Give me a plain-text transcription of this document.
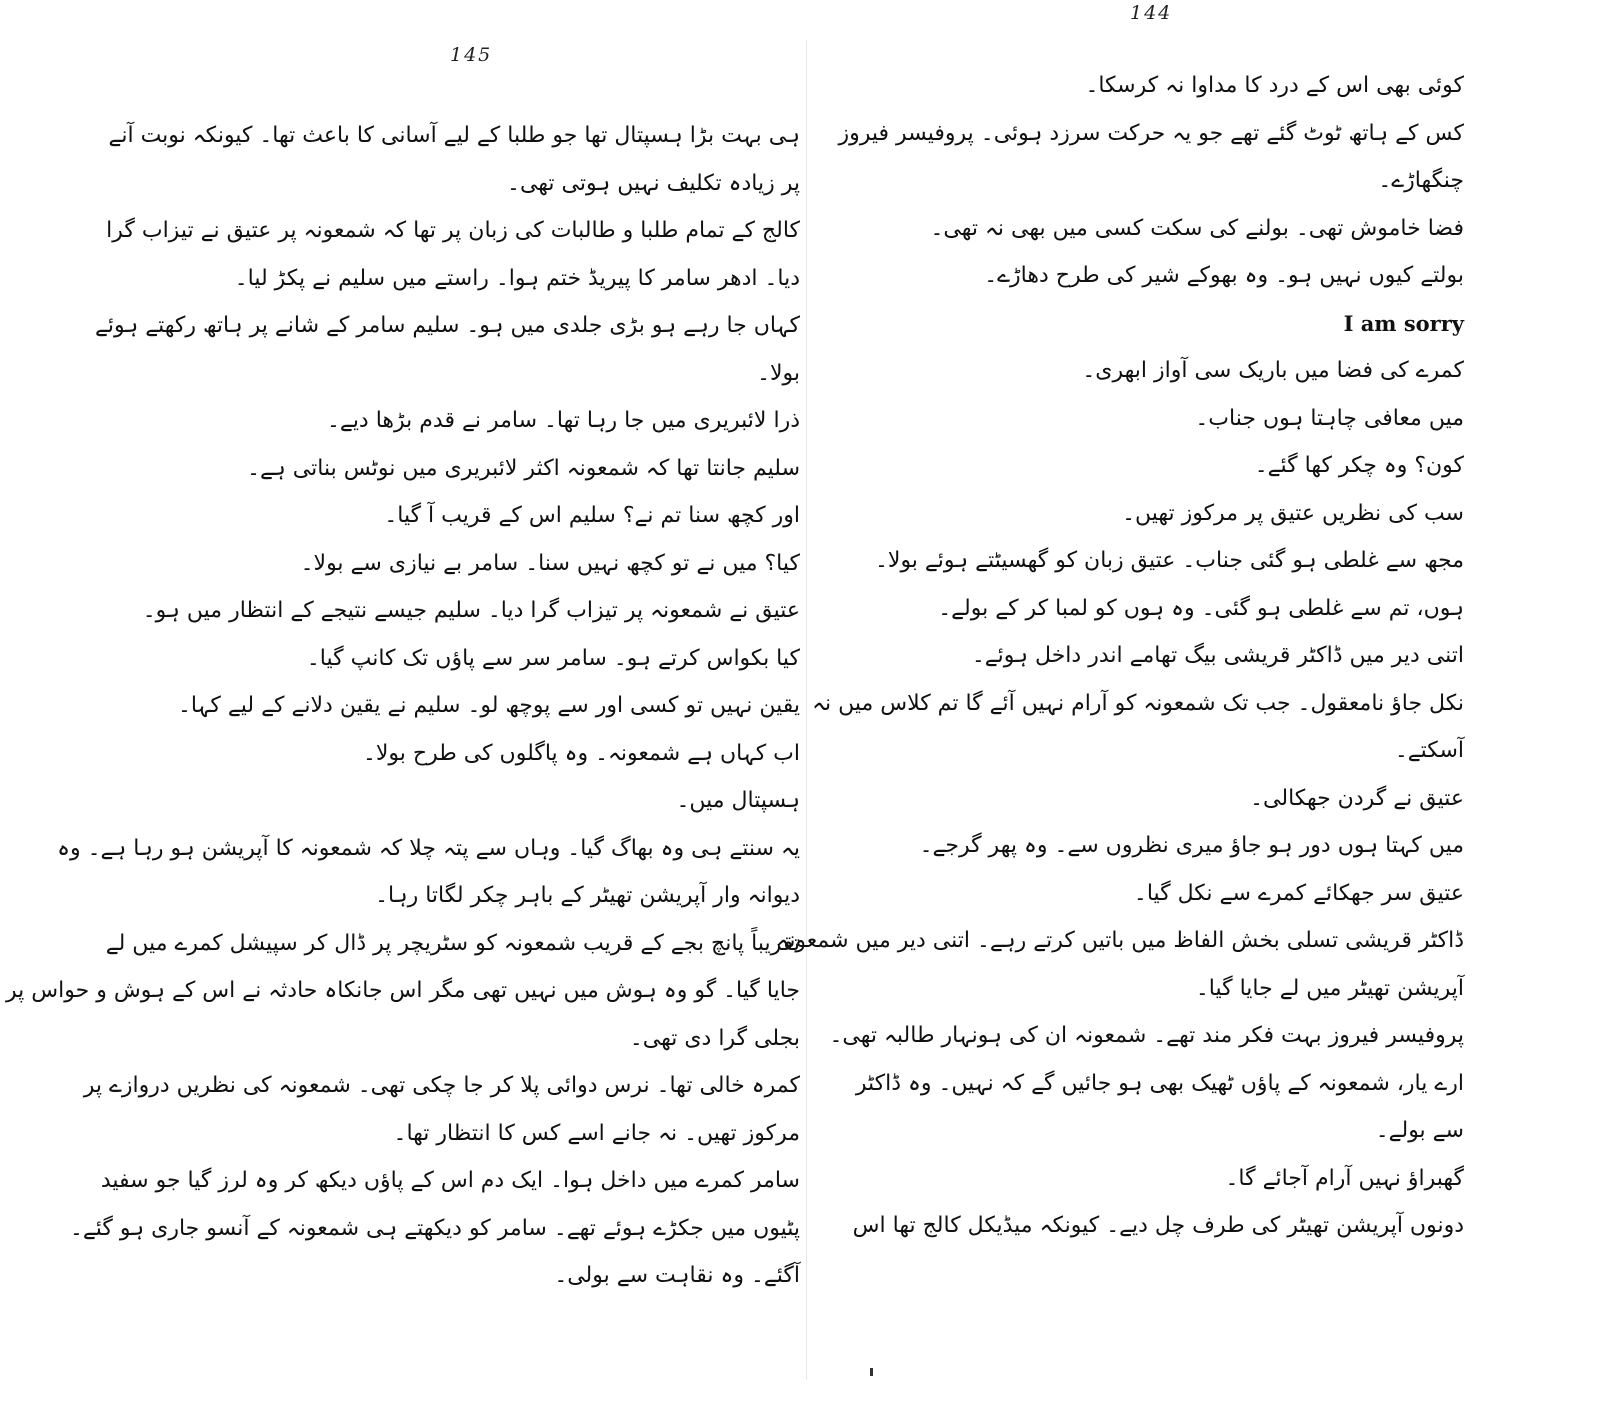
144

کوئی بھی اس کے درد کا مداوا نہ کرسکا۔

کس کے ہاتھ ٹوٹ گئے تھے جو یہ حرکت سرزد ہوئی۔ پروفیسر فیروز

چنگھاڑے۔

فضا خاموش تھی۔ بولنے کی سکت کسی میں بھی نہ تھی۔

بولتے کیوں نہیں ہو۔ وہ بھوکے شیر کی طرح دھاڑے۔

I am sorry

کمرے کی فضا میں باریک سی آواز ابھری۔

میں معافی چاہتا ہوں جناب۔

کون؟ وہ چکر کھا گئے۔

سب کی نظریں عتیق پر مرکوز تھیں۔

مجھ سے غلطی ہو گئی جناب۔ عتیق زبان کو گھسیٹتے ہوئے بولا۔

ہوں، تم سے غلطی ہو گئی۔ وہ ہوں کو لمبا کر کے بولے۔

اتنی دیر میں ڈاکٹر قریشی بیگ تھامے اندر داخل ہوئے۔

نکل جاؤ نامعقول۔ جب تک شمعونہ کو آرام نہیں آئے گا تم کلاس میں نہ

آسکتے۔

عتیق نے گردن جھکالی۔

میں کہتا ہوں دور ہو جاؤ میری نظروں سے۔ وہ پھر گرجے۔

عتیق سر جھکائے کمرے سے نکل گیا۔

ڈاکٹر قریشی تسلی بخش الفاظ میں باتیں کرتے رہے۔ اتنی دیر میں شمعونہ

آپریشن تھیٹر میں لے جایا گیا۔

پروفیسر فیروز بہت فکر مند تھے۔ شمعونہ ان کی ہونہار طالبہ تھی۔

ارے یار، شمعونہ کے پاؤں ٹھیک بھی ہو جائیں گے کہ نہیں۔ وہ ڈاکٹر

سے بولے۔

گھبراؤ نہیں آرام آجائے گا۔

دونوں آپریشن تھیٹر کی طرف چل دیے۔ کیونکہ میڈیکل کالج تھا اس

145

ہی بہت بڑا ہسپتال تھا جو طلبا کے لیے آسانی کا باعث تھا۔ کیونکہ نوبت آنے

پر زیادہ تکلیف نہیں ہوتی تھی۔

کالج کے تمام طلبا و طالبات کی زبان پر تھا کہ شمعونہ پر عتیق نے تیزاب گرا

دیا۔ ادھر سامر کا پیریڈ ختم ہوا۔ راستے میں سلیم نے پکڑ لیا۔

کہاں جا رہے ہو بڑی جلدی میں ہو۔ سلیم سامر کے شانے پر ہاتھ رکھتے ہوئے

بولا۔

ذرا لائبریری میں جا رہا تھا۔ سامر نے قدم بڑھا دیے۔

سلیم جانتا تھا کہ شمعونہ اکثر لائبریری میں نوٹس بناتی ہے۔

اور کچھ سنا تم نے؟ سلیم اس کے قریب آ گیا۔

کیا؟ میں نے تو کچھ نہیں سنا۔ سامر بے نیازی سے بولا۔

عتیق نے شمعونہ پر تیزاب گرا دیا۔ سلیم جیسے نتیجے کے انتظار میں ہو۔

کیا بکواس کرتے ہو۔ سامر سر سے پاؤں تک کانپ گیا۔

یقین نہیں تو کسی اور سے پوچھ لو۔ سلیم نے یقین دلانے کے لیے کہا۔

اب کہاں ہے شمعونہ۔ وہ پاگلوں کی طرح بولا۔

ہسپتال میں۔

یہ سنتے ہی وہ بھاگ گیا۔ وہاں سے پتہ چلا کہ شمعونہ کا آپریشن ہو رہا ہے۔ وہ

دیوانہ وار آپریشن تھیٹر کے باہر چکر لگاتا رہا۔

تقریباً پانچ بجے کے قریب شمعونہ کو سٹریچر پر ڈال کر سپیشل کمرے میں لے

جایا گیا۔ گو وہ ہوش میں نہیں تھی مگر اس جانکاہ حادثہ نے اس کے ہوش و حواس پر

بجلی گرا دی تھی۔

کمرہ خالی تھا۔ نرس دوائی پلا کر جا چکی تھی۔ شمعونہ کی نظریں دروازے پر

مرکوز تھیں۔ نہ جانے اسے کس کا انتظار تھا۔

سامر کمرے میں داخل ہوا۔ ایک دم اس کے پاؤں دیکھ کر وہ لرز گیا جو سفید

پٹیوں میں جکڑے ہوئے تھے۔ سامر کو دیکھتے ہی شمعونہ کے آنسو جاری ہو گئے۔

آگئے۔ وہ نقاہت سے بولی۔
